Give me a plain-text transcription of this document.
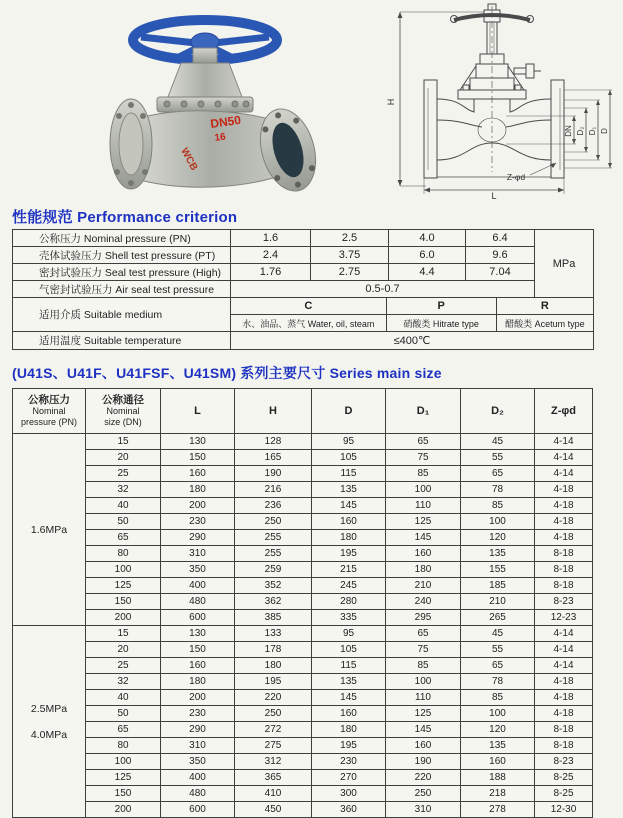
DN50
16
WCB
H
L
DN D₂ D₁ D
Z-φd
性能规范 Performance criterion
公称压力 Nominal pressure (PN)	1.6	2.5	4.0	6.4
MPa
壳体试验压力 Shell test pressure (PT)	2.4	3.75	6.0	9.6
密封试验压力 Seal test pressure (High)	1.76	2.75	4.4	7.04
气密封试验压力 Air seal test pressure	0.5-0.7
适用介质 Suitable medium
C	P	R
水、油品、蒸气 Water, oil, steam	硝酸类 Hitrate type	醋酸类 Acetum type
适用温度 Suitable temperature	≤400℃
(U41S、U41F、U41FSF、U41SM) 系列主要尺寸 Series main size
公称压力
Nominal
pressure (PN)

公称通径
Nominal
size (DN)

L	H	D	D₁	D₂	Z-φd

1.6MPa	15	130	128	95	65	45	4-14
	20	150	165	105	75	55	4-14
	25	160	190	115	85	65	4-14
	32	180	216	135	100	78	4-18
	40	200	236	145	110	85	4-18
	50	230	250	160	125	100	4-18
	65	290	255	180	145	120	4-18
	80	310	255	195	160	135	8-18
	100	350	259	215	180	155	8-18
	125	400	352	245	210	185	8-18
	150	480	362	280	240	210	8-23
	200	600	385	335	295	265	12-23

2.5MPa
4.0MPa	15	130	133	95	65	45	4-14
	20	150	178	105	75	55	4-14
	25	160	180	115	85	65	4-14
	32	180	195	135	100	78	4-18
	40	200	220	145	110	85	4-18
	50	230	250	160	125	100	4-18
	65	290	272	180	145	120	8-18
	80	310	275	195	160	135	8-18
	100	350	312	230	190	160	8-23
	125	400	365	270	220	188	8-25
	150	480	410	300	250	218	8-25
	200	600	450	360	310	278	12-30
